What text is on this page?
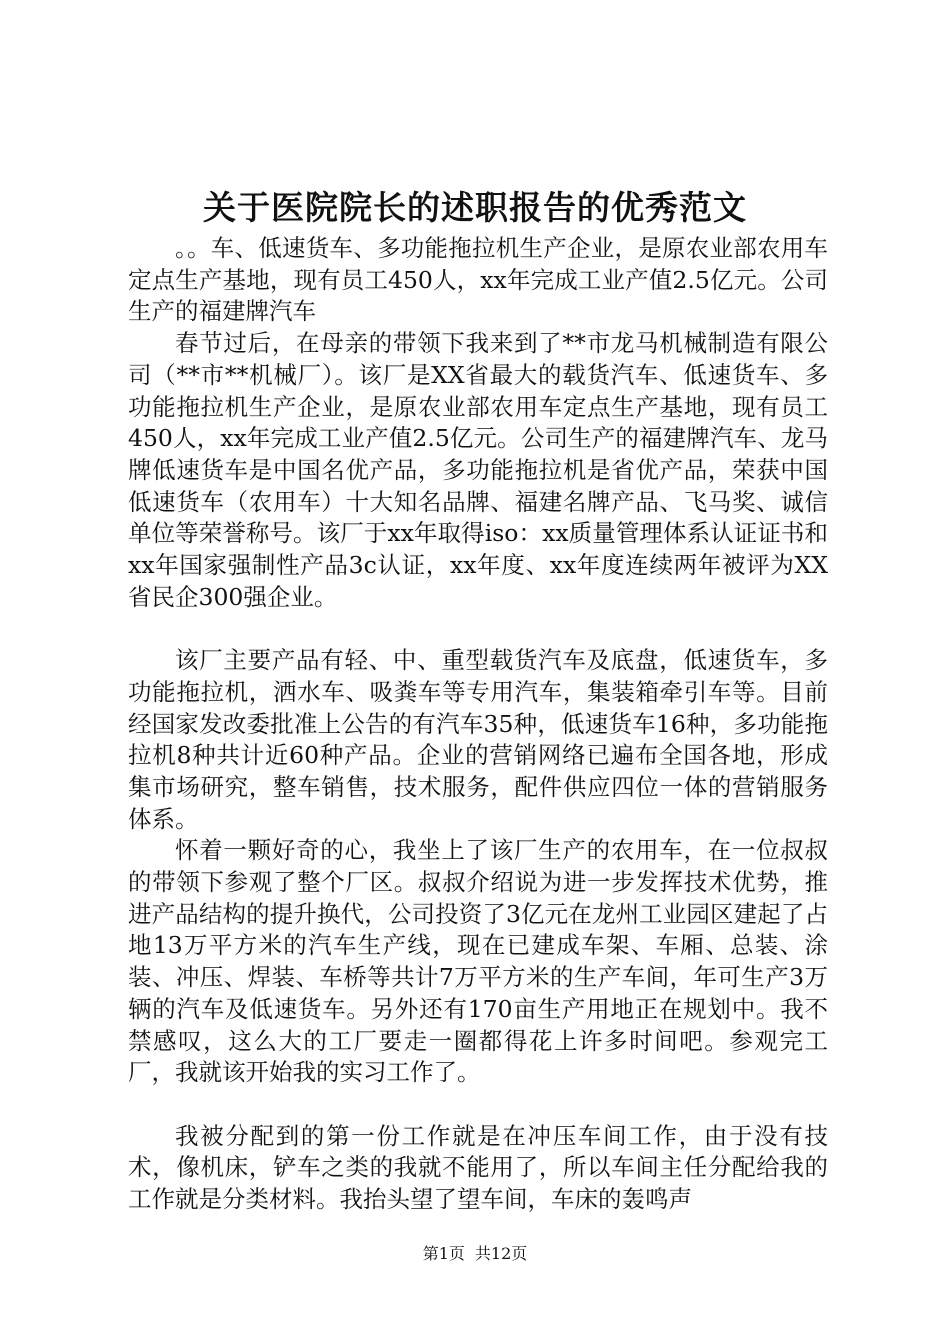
关于医院院长的述职报告的优秀范文

。。车、低速货车、多功能拖拉机生产企业，是原农业部农用车定点生产基地，现有员工450人，xx年完成工业产值2.5亿元。公司生产的福建牌汽车

春节过后，在母亲的带领下我来到了**市龙马机械制造有限公司（**市**机械厂）。该厂是XX省最大的载货汽车、低速货车、多功能拖拉机生产企业，是原农业部农用车定点生产基地，现有员工450人，xx年完成工业产值2.5亿元。公司生产的福建牌汽车、龙马牌低速货车是中国名优产品，多功能拖拉机是省优产品，荣获中国低速货车（农用车）十大知名品牌、福建名牌产品、飞马奖、诚信单位等荣誉称号。该厂于xx年取得iso：xx质量管理体系认证证书和xx年国家强制性产品3c认证，xx年度、xx年度连续两年被评为XX省民企300强企业。

该厂主要产品有轻、中、重型载货汽车及底盘，低速货车，多功能拖拉机，洒水车、吸粪车等专用汽车，集装箱牵引车等。目前经国家发改委批准上公告的有汽车35种，低速货车16种，多功能拖拉机8种共计近60种产品。企业的营销网络已遍布全国各地，形成集市场研究，整车销售，技术服务，配件供应四位一体的营销服务体系。

怀着一颗好奇的心，我坐上了该厂生产的农用车，在一位叔叔的带领下参观了整个厂区。叔叔介绍说为进一步发挥技术优势，推进产品结构的提升换代，公司投资了3亿元在龙州工业园区建起了占地13万平方米的汽车生产线，现在已建成车架、车厢、总装、涂装、冲压、焊装、车桥等共计7万平方米的生产车间，年可生产3万辆的汽车及低速货车。另外还有170亩生产用地正在规划中。我不禁感叹，这么大的工厂要走一圈都得花上许多时间吧。参观完工厂，我就该开始我的实习工作了。

我被分配到的第一份工作就是在冲压车间工作，由于没有技术，像机床，铲车之类的我就不能用了，所以车间主任分配给我的工作就是分类材料。我抬头望了望车间，车床的轰鸣声

第1页 共12页
